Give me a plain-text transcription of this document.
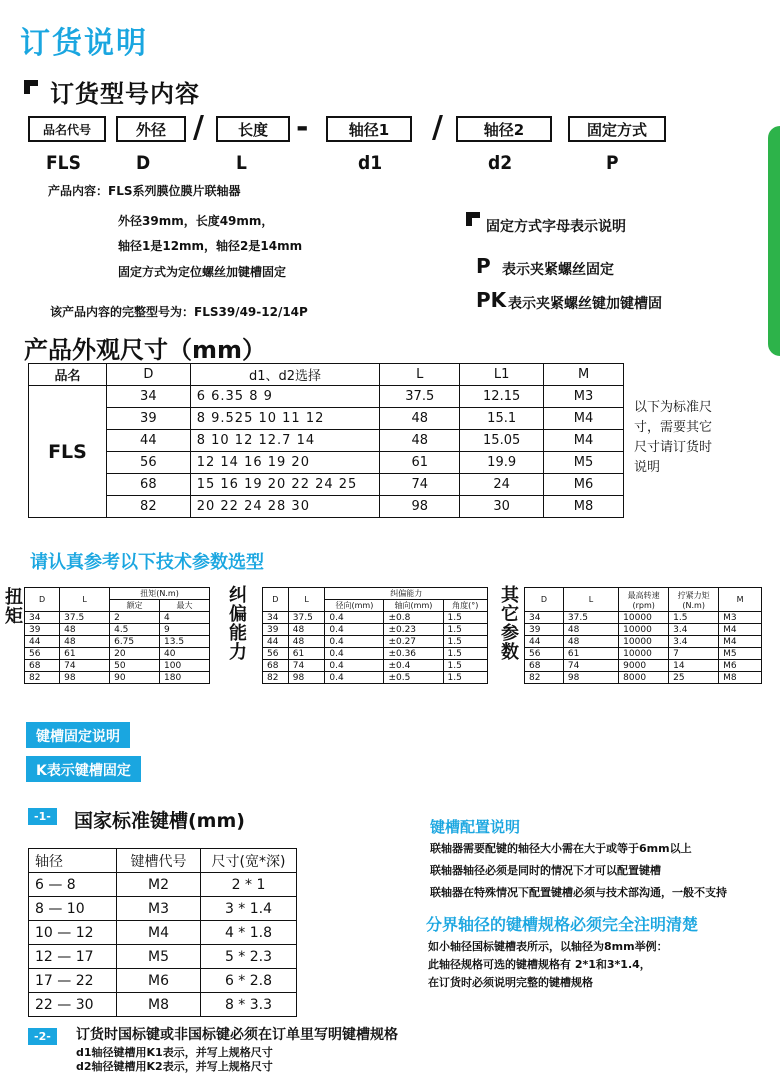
订货说明
订货型号内容
品名代号	外径 /	长度 -	轴径1	/	轴径2	固定方式
FLS	D	L	d1	d2	P
产品内容：FLS系列膜位膜片联轴器
外径39mm，长度49mm，
轴径1是12mm，轴径2是14mm
固定方式为定位螺丝加键槽固定
该产品内容的完整型号为：FLS39/49-12/14P
固定方式字母表示说明
P 表示夹紧螺丝固定
PK 表示夹紧螺丝键加键槽固
产品外观尺寸（mm）
品名	D	d1、d2选择	L	L1	M
FLS	34	6 6.35 8 9	37.5	12.15	M3
	39	8 9.525 10 11 12	48	15.1	M4
	44	8 10 12 12.7 14	48	15.05	M4
	56	12 14 16 19 20	61	19.9	M5
	68	15 16 19 20 22 24 25	74	24	M6
	82	20 22 24 28 30	98	30	M8
以下为标准尺
寸，需要其它
尺寸请订货时
说明
请认真参考以下技术参数选型
扭矩
D	L	扭矩(N.m)	
		额定	最大
34	37.5	2	4
39	48	4.5	9
44	48	6.75	13.5
56	61	20	40
68	74	50	100
82	98	90	180
纠偏能力
D	L	纠偏能力		
		径向(mm)	轴向(mm)	角度(°)
34	37.5	0.4	±0.8	1.5
39	48	0.4	±0.23	1.5
44	48	0.4	±0.27	1.5
56	61	0.4	±0.36	1.5
68	74	0.4	±0.4	1.5
82	98	0.4	±0.5	1.5
其它参数
D	L	最高转速(rpm)	拧紧力矩(N.m)	M
34	37.5	10000	1.5	M3
39	48	10000	3.4	M4
44	48	10000	3.4	M4
56	61	10000	7	M5
68	74	9000	14	M6
82	98	8000	25	M8
键槽固定说明
K表示键槽固定
-1-	国家标准键槽(mm)
轴径	键槽代号	尺寸(宽*深)
6 — 8	M2	2 * 1
8 — 10	M3	3 * 1.4
10 — 12	M4	4 * 1.8
12 — 17	M5	5 * 2.3
17 — 22	M6	6 * 2.8
22 — 30	M8	8 * 3.3
键槽配置说明
联轴器需要配键的轴径大小需在大于或等于6mm以上
联轴器轴径必须是同时的情况下才可以配置键槽
联轴器在特殊情况下配置键槽必须与技术部沟通，一般不支持
分界轴径的键槽规格必须完全注明清楚
如小轴径国标键槽表所示，以轴径为8mm举例：
此轴径规格可选的键槽规格有 2*1和3*1.4，
在订货时必须说明完整的键槽规格
-2-	订货时国标键或非国标键必须在订单里写明键槽规格
d1轴径键槽用K1表示，并写上规格尺寸
d2轴径键槽用K2表示，并写上规格尺寸
